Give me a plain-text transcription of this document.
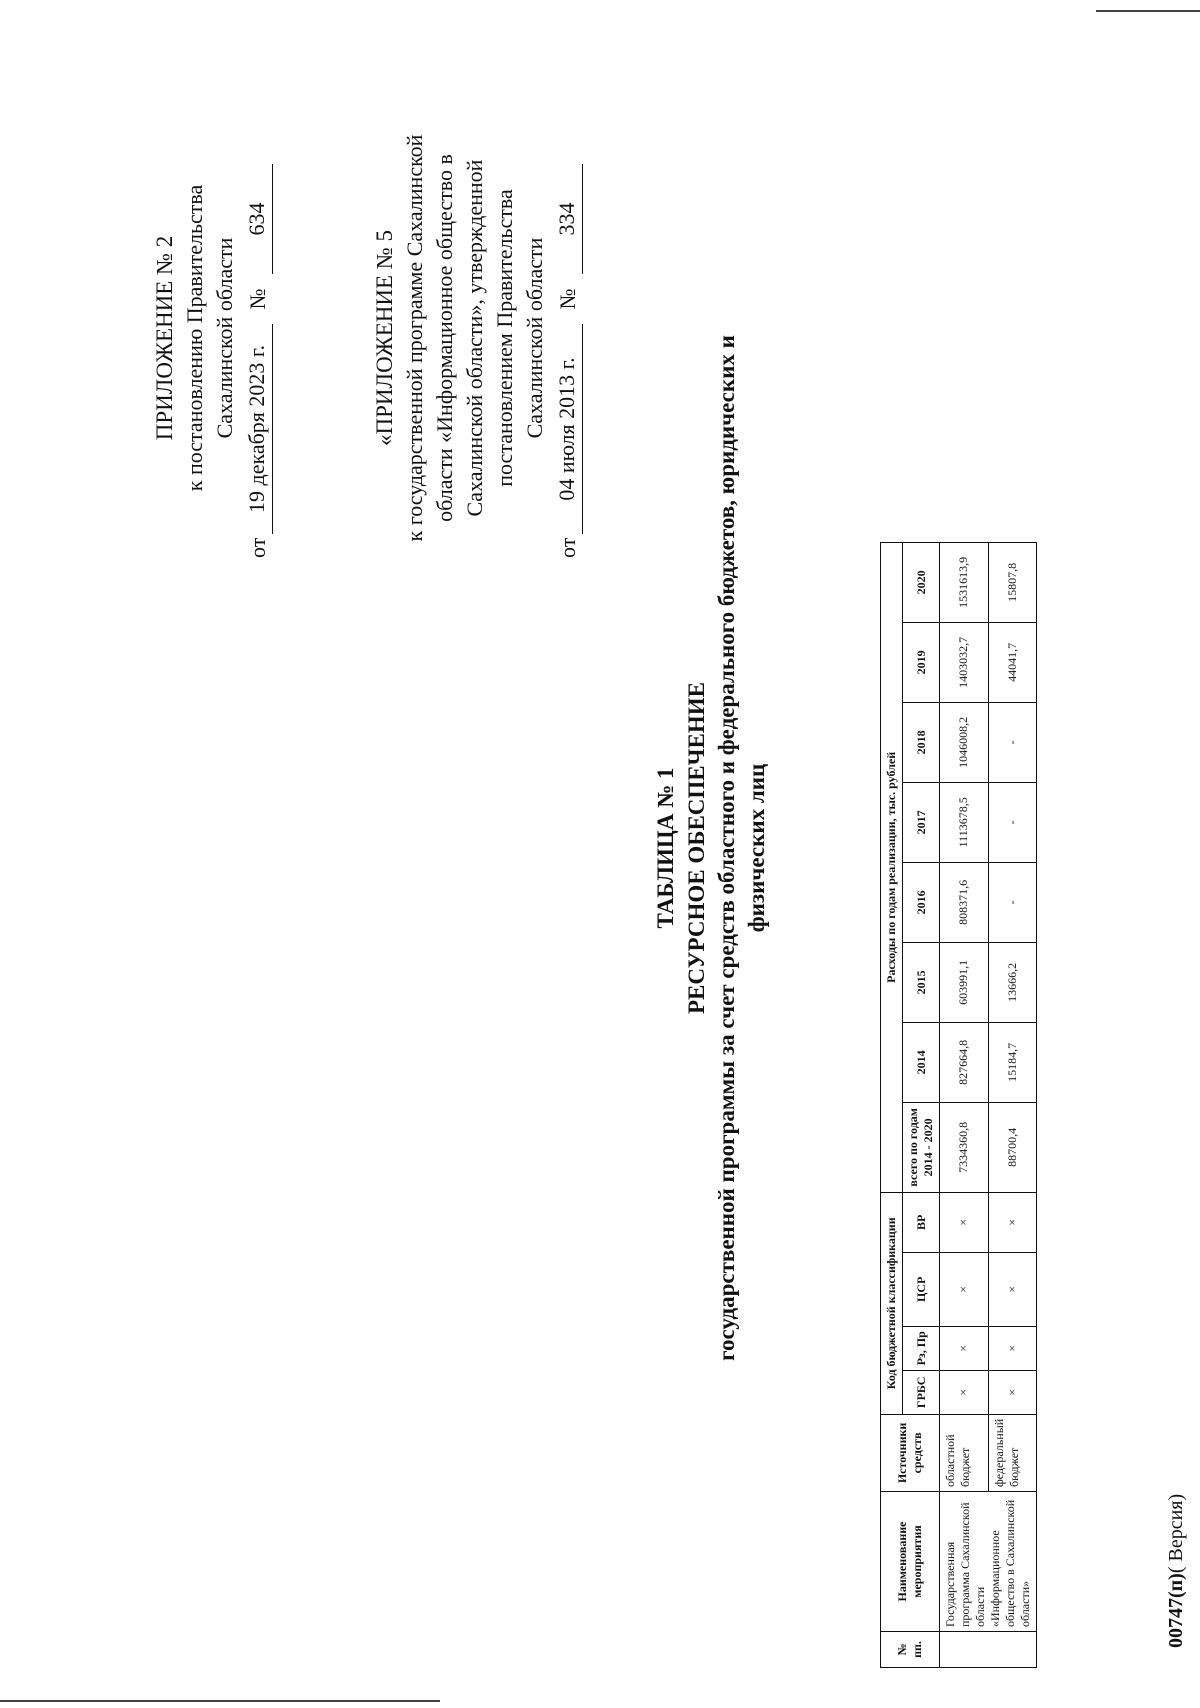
ПРИЛОЖЕНИЕ № 2 к постановлению Правительства Сахалинской области
от
19 декабря 2023 г.
№
634
«ПРИЛОЖЕНИЕ № 5 к государственной программе Сахалинской области «Информационное общество в Сахалинской области», утвержденной постановлением Правительства Сахалинской области
от
04 июля 2013 г.
№
334
ТАБЛИЦА № 1 РЕСУРСНОЕ ОБЕСПЕЧЕНИЕ государственной программы за счет средств областного и федерального бюджетов, юридических и физических лиц
№ пп.	Наименование мероприятия	Источники средств	Код бюджетной классификации				Расходы по годам реализации, тыс. рублей							
			ГРБС	Рз, Пр	ЦСР	ВР	всего по годам 2014 - 2020	2014	2015	2016	2017	2018	2019	2020
	Государственная программа Сахалинской области «Информационное общество в Сахалинской области»	областной бюджет	×	×	×	×	7334360,8	827664,8	603991,1	808371,6	1113678,5	1046008,2	1403032,7	1531613,9
		федеральный бюджет	×	×	×	×	88700,4	15184,7	13666,2	-	-	-	44041,7	15807,8
00747(п)( Версия)
